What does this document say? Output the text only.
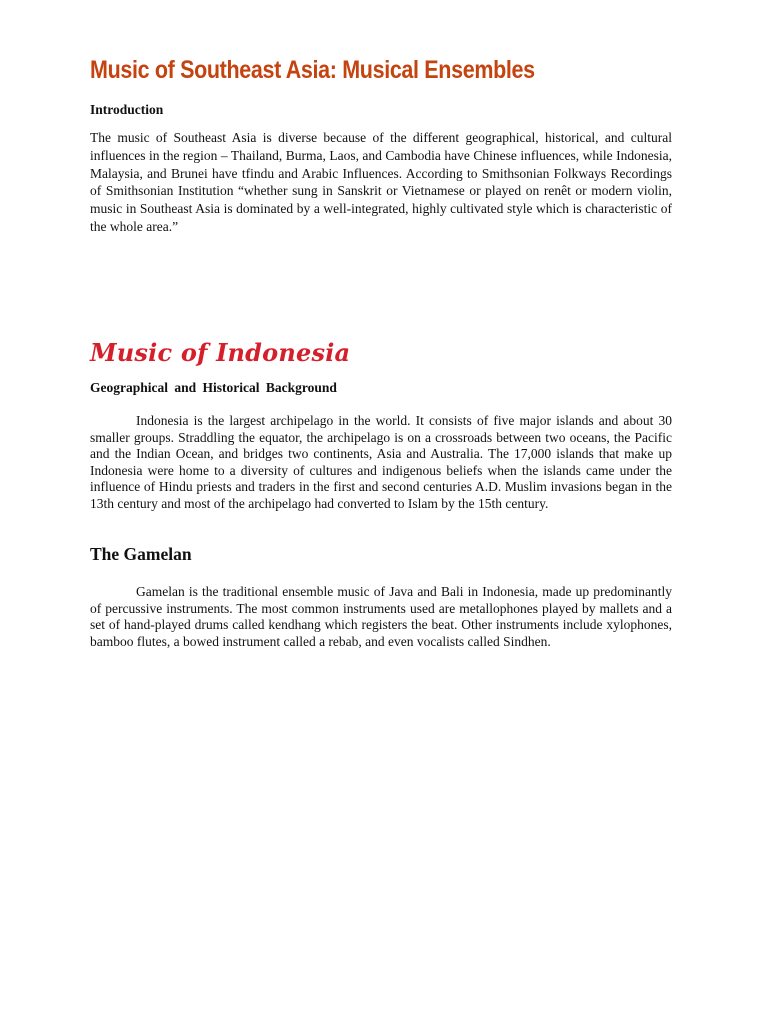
Music of Southeast Asia: Musical Ensembles
Introduction

The music of Southeast Asia is diverse because of the different geographical, historical, and cultural influences in the region – Thailand, Burma, Laos, and Cambodia have Chinese influences, while Indonesia, Malaysia, and Brunei have tfindu and Arabic Influences. According to Smithsonian Folkways Recordings of Smithsonian Institution “whether sung in Sanskrit or Vietnamese or played on renêt or modern violin, music in Southeast Asia is dominated by a well-integrated, highly cultivated style which is characteristic of the whole area.”

Music of Indonesia
Geographical and Historical Background

Indonesia is the largest archipelago in the world. It consists of five major islands and about 30 smaller groups. Straddling the equator, the archipelago is on a crossroads between two oceans, the Pacific and the Indian Ocean, and bridges two continents, Asia and Australia. The 17,000 islands that make up Indonesia were home to a diversity of cultures and indigenous beliefs when the islands came under the influence of Hindu priests and traders in the first and second centuries A.D. Muslim invasions began in the 13th century and most of the archipelago had converted to Islam by the 15th century.

The Gamelan

Gamelan is the traditional ensemble music of Java and Bali in Indonesia, made up predominantly of percussive instruments. The most common instruments used are metallophones played by mallets and a set of hand-played drums called kendhang which registers the beat. Other instruments include xylophones, bamboo flutes, a bowed instrument called a rebab, and even vocalists called Sindhen.
